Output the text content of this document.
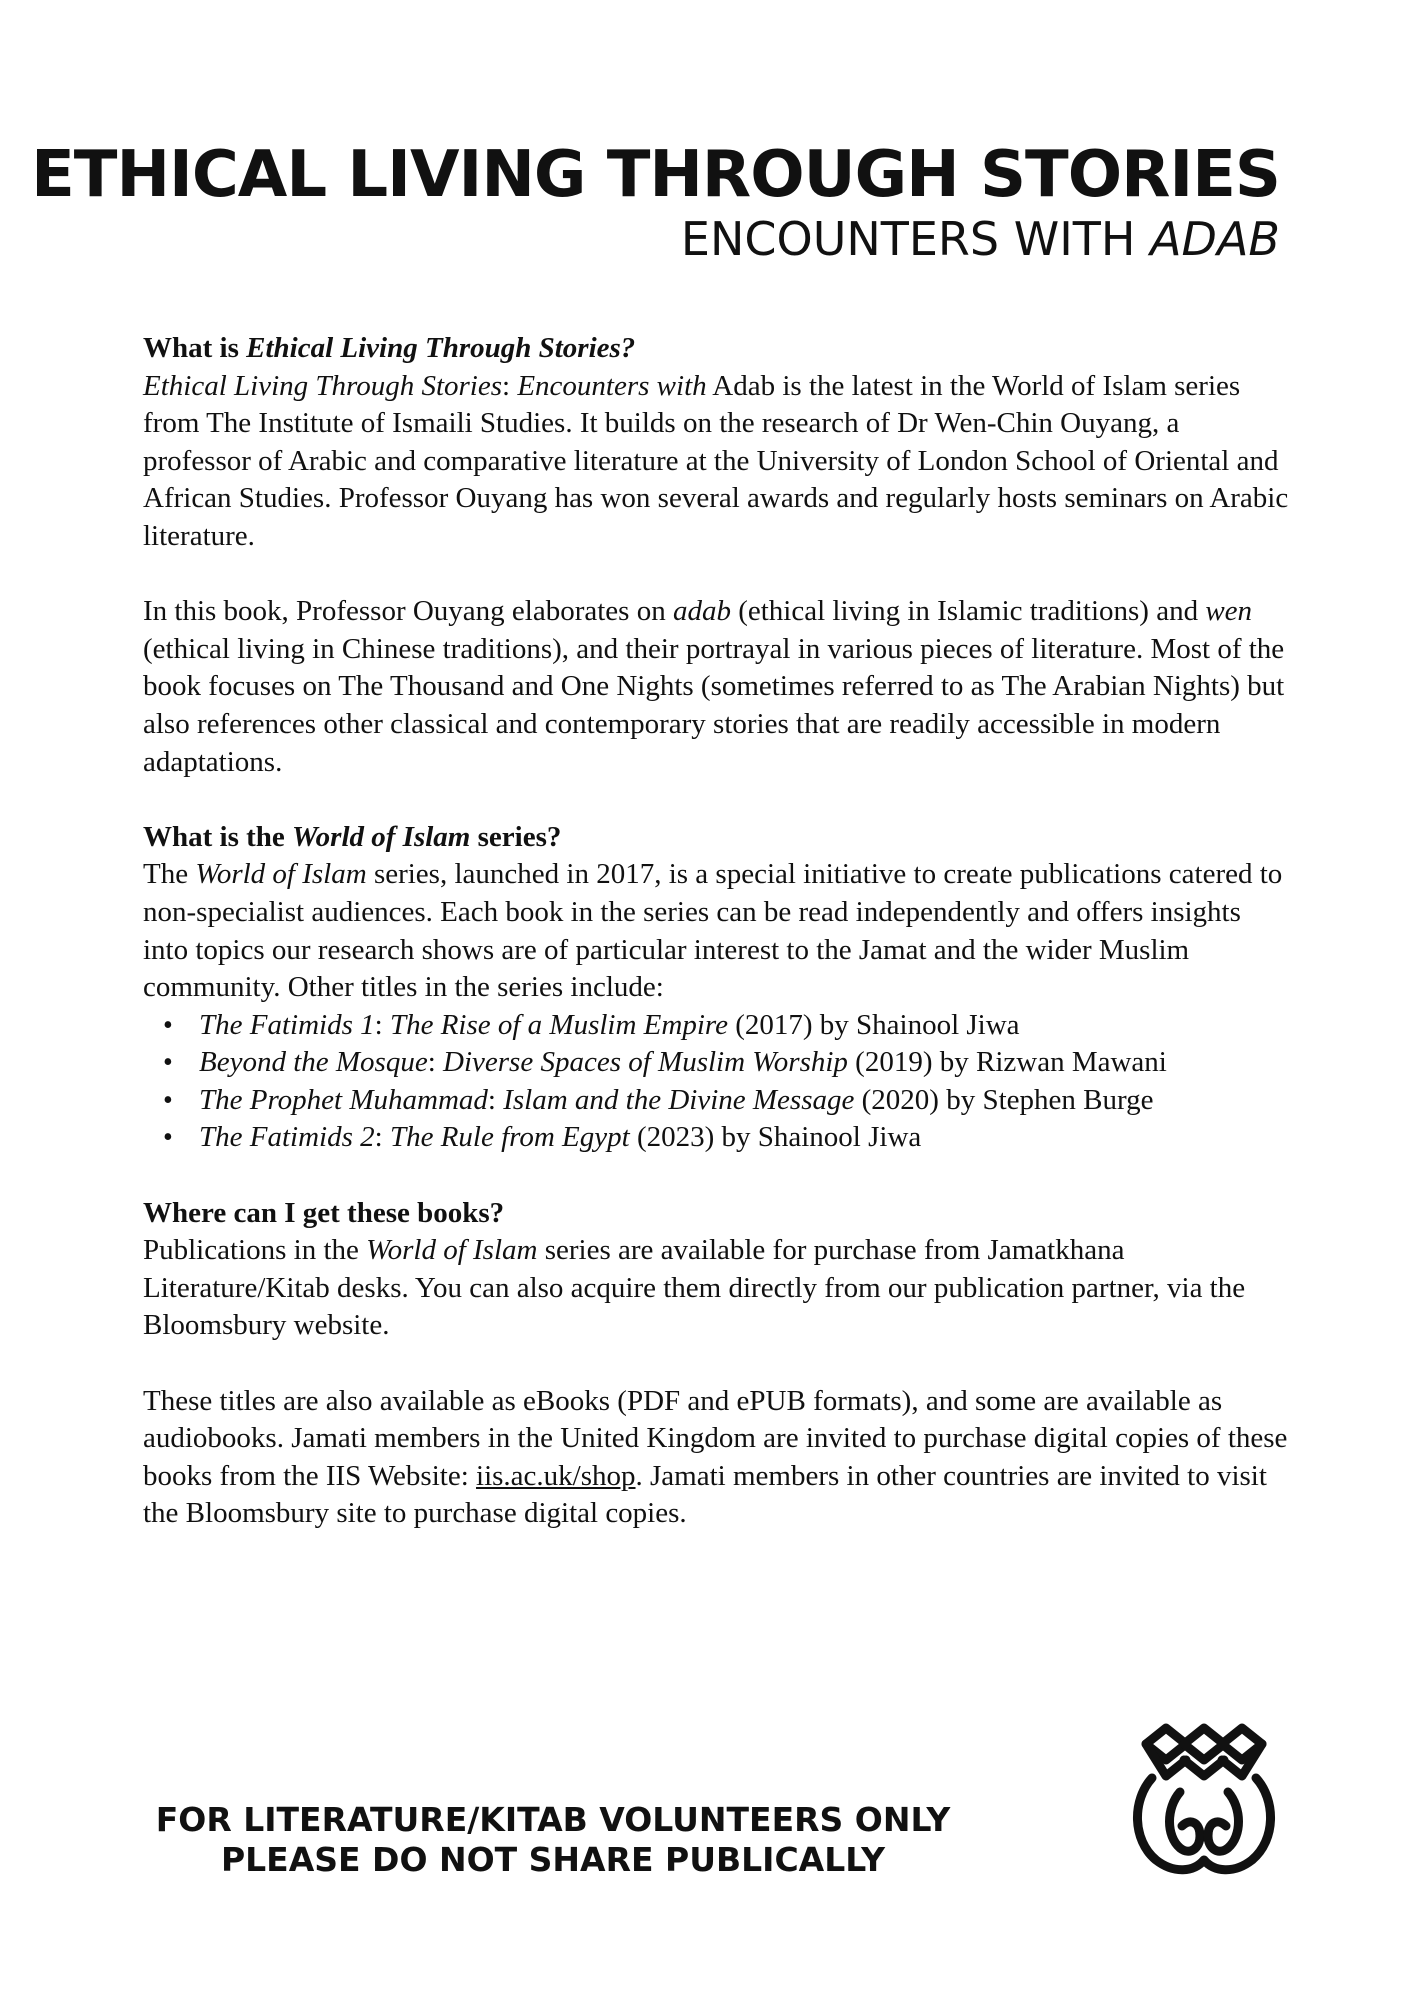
ETHICAL LIVING THROUGH STORIES
ENCOUNTERS WITH ADAB

What is Ethical Living Through Stories?

Ethical Living Through Stories: Encounters with Adab is the latest in the World of Islam series from The Institute of Ismaili Studies. It builds on the research of Dr Wen-Chin Ouyang, a professor of Arabic and comparative literature at the University of London School of Oriental and African Studies. Professor Ouyang has won several awards and regularly hosts seminars on Arabic literature.

In this book, Professor Ouyang elaborates on adab (ethical living in Islamic traditions) and wen (ethical living in Chinese traditions), and their portrayal in various pieces of literature. Most of the book focuses on The Thousand and One Nights (sometimes referred to as The Arabian Nights) but also references other classical and contemporary stories that are readily accessible in modern adaptations.

What is the World of Islam series?

The World of Islam series, launched in 2017, is a special initiative to create publications catered to non-specialist audiences. Each book in the series can be read independently and offers insights into topics our research shows are of particular interest to the Jamat and the wider Muslim community. Other titles in the series include:

• The Fatimids 1: The Rise of a Muslim Empire (2017) by Shainool Jiwa
• Beyond the Mosque: Diverse Spaces of Muslim Worship (2019) by Rizwan Mawani
• The Prophet Muhammad: Islam and the Divine Message (2020) by Stephen Burge
• The Fatimids 2: The Rule from Egypt (2023) by Shainool Jiwa

Where can I get these books?

Publications in the World of Islam series are available for purchase from Jamatkhana Literature/Kitab desks. You can also acquire them directly from our publication partner, via the Bloomsbury website.

These titles are also available as eBooks (PDF and ePUB formats), and some are available as audiobooks. Jamati members in the United Kingdom are invited to purchase digital copies of these books from the IIS Website: iis.ac.uk/shop. Jamati members in other countries are invited to visit the Bloomsbury site to purchase digital copies.

FOR LITERATURE/KITAB VOLUNTEERS ONLY
PLEASE DO NOT SHARE PUBLICALLY
